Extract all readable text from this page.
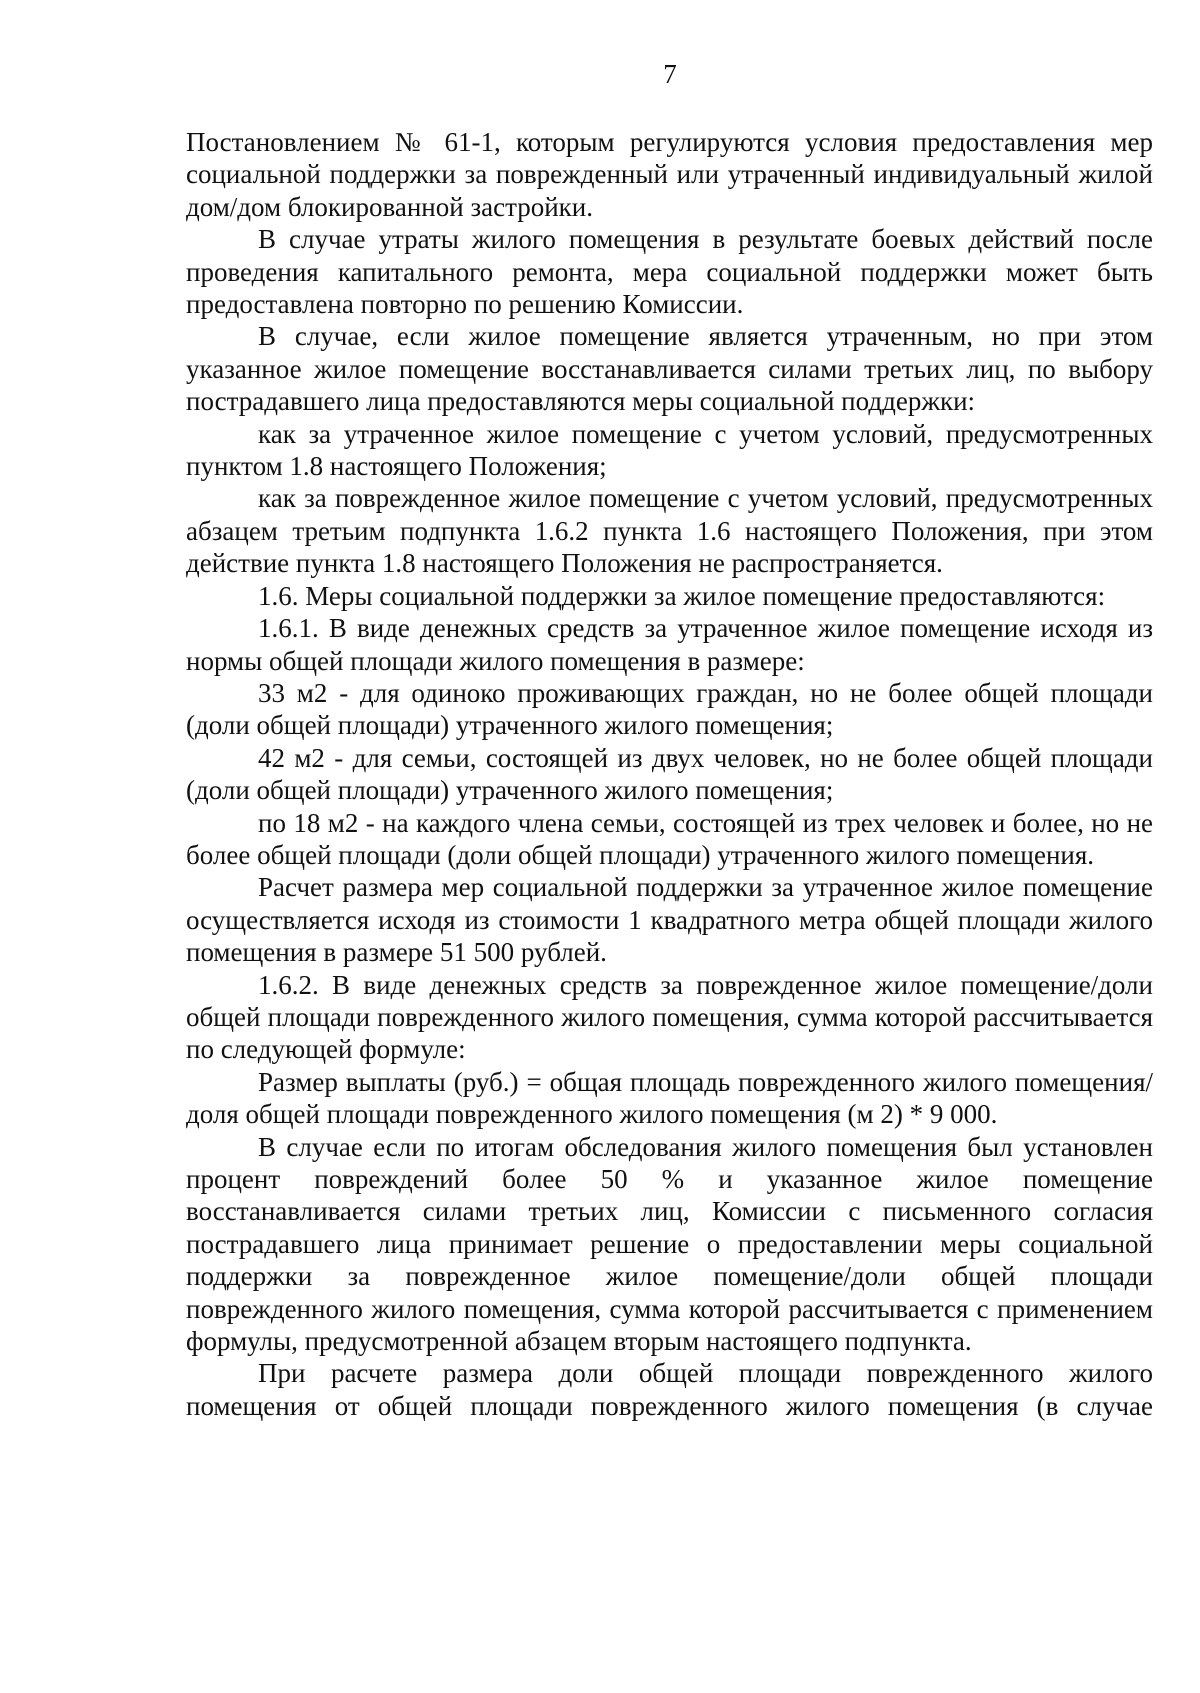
7

Постановлением № 61-1, которым регулируются условия предоставления мер социальной поддержки за поврежденный или утраченный индивидуальный жилой дом/дом блокированной застройки.

В случае утраты жилого помещения в результате боевых действий после проведения капитального ремонта, мера социальной поддержки может быть предоставлена повторно по решению Комиссии.

В случае, если жилое помещение является утраченным, но при этом указанное жилое помещение восстанавливается силами третьих лиц, по выбору пострадавшего лица предоставляются меры социальной поддержки:

как за утраченное жилое помещение с учетом условий, предусмотренных пунктом 1.8 настоящего Положения;

как за поврежденное жилое помещение с учетом условий, предусмотренных абзацем третьим подпункта 1.6.2 пункта 1.6 настоящего Положения, при этом действие пункта 1.8 настоящего Положения не распространяется.

1.6. Меры социальной поддержки за жилое помещение предоставляются:

1.6.1. В виде денежных средств за утраченное жилое помещение исходя из нормы общей площади жилого помещения в размере:

33 м2 - для одиноко проживающих граждан, но не более общей площади (доли общей площади) утраченного жилого помещения;

42 м2 - для семьи, состоящей из двух человек, но не более общей площади (доли общей площади) утраченного жилого помещения;

по 18 м2 - на каждого члена семьи, состоящей из трех человек и более, но не более общей площади (доли общей площади) утраченного жилого помещения.

Расчет размера мер социальной поддержки за утраченное жилое помещение осуществляется исходя из стоимости 1 квадратного метра общей площади жилого помещения в размере 51 500 рублей.

1.6.2. В виде денежных средств за поврежденное жилое помещение/доли общей площади поврежденного жилого помещения, сумма которой рассчитывается по следующей формуле:

Размер выплаты (руб.) = общая площадь поврежденного жилого помещения/доля общей площади поврежденного жилого помещения (м 2) * 9 000.

В случае если по итогам обследования жилого помещения был установлен процент повреждений более 50 % и указанное жилое помещение восстанавливается силами третьих лиц, Комиссии с письменного согласия пострадавшего лица принимает решение о предоставлении меры социальной поддержки за поврежденное жилое помещение/доли общей площади поврежденного жилого помещения, сумма которой рассчитывается с применением формулы, предусмотренной абзацем вторым настоящего подпункта.

При расчете размера доли общей площади поврежденного жилого помещения от общей площади поврежденного жилого помещения (в случае
